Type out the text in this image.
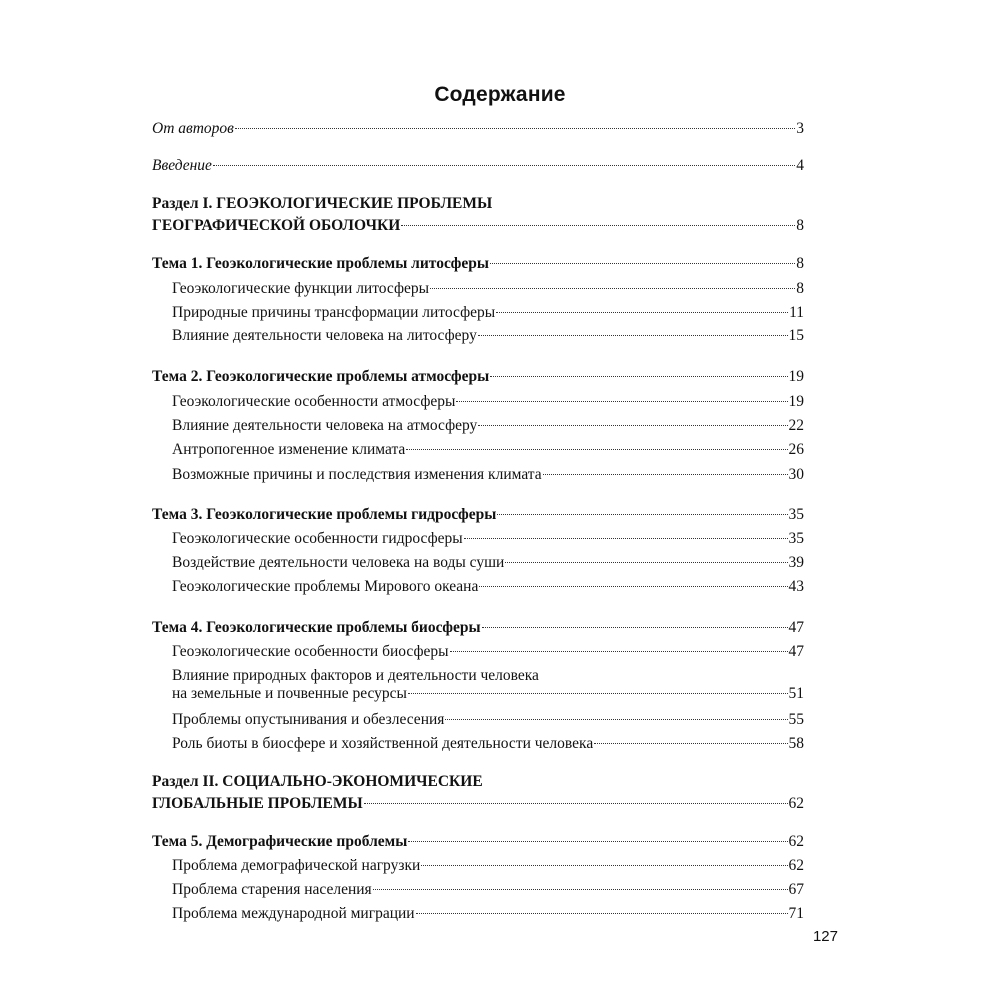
Содержание
От авторов	3
Введение	4
Раздел I. ГЕОЭКОЛОГИЧЕСКИЕ ПРОБЛЕМЫ
ГЕОГРАФИЧЕСКОЙ ОБОЛОЧКИ	8
Тема 1. Геоэкологические проблемы литосферы	8
Геоэкологические функции литосферы	8
Природные причины трансформации литосферы	11
Влияние деятельности человека на литосферу	15
Тема 2. Геоэкологические проблемы атмосферы	19
Геоэкологические особенности атмосферы	19
Влияние деятельности человека на атмосферу	22
Антропогенное изменение климата	26
Возможные причины и последствия изменения климата	30
Тема 3. Геоэкологические проблемы гидросферы	35
Геоэкологические особенности гидросферы	35
Воздействие деятельности человека на воды суши	39
Геоэкологические проблемы Мирового океана	43
Тема 4. Геоэкологические проблемы биосферы	47
Геоэкологические особенности биосферы	47
Влияние природных факторов и деятельности человека
на земельные и почвенные ресурсы	51
Проблемы опустынивания и обезлесения	55
Роль биоты в биосфере и хозяйственной деятельности человека	58
Раздел II. СОЦИАЛЬНО-ЭКОНОМИЧЕСКИЕ
ГЛОБАЛЬНЫЕ ПРОБЛЕМЫ	62
Тема 5. Демографические проблемы	62
Проблема демографической нагрузки	62
Проблема старения населения	67
Проблема международной миграции	71
127
